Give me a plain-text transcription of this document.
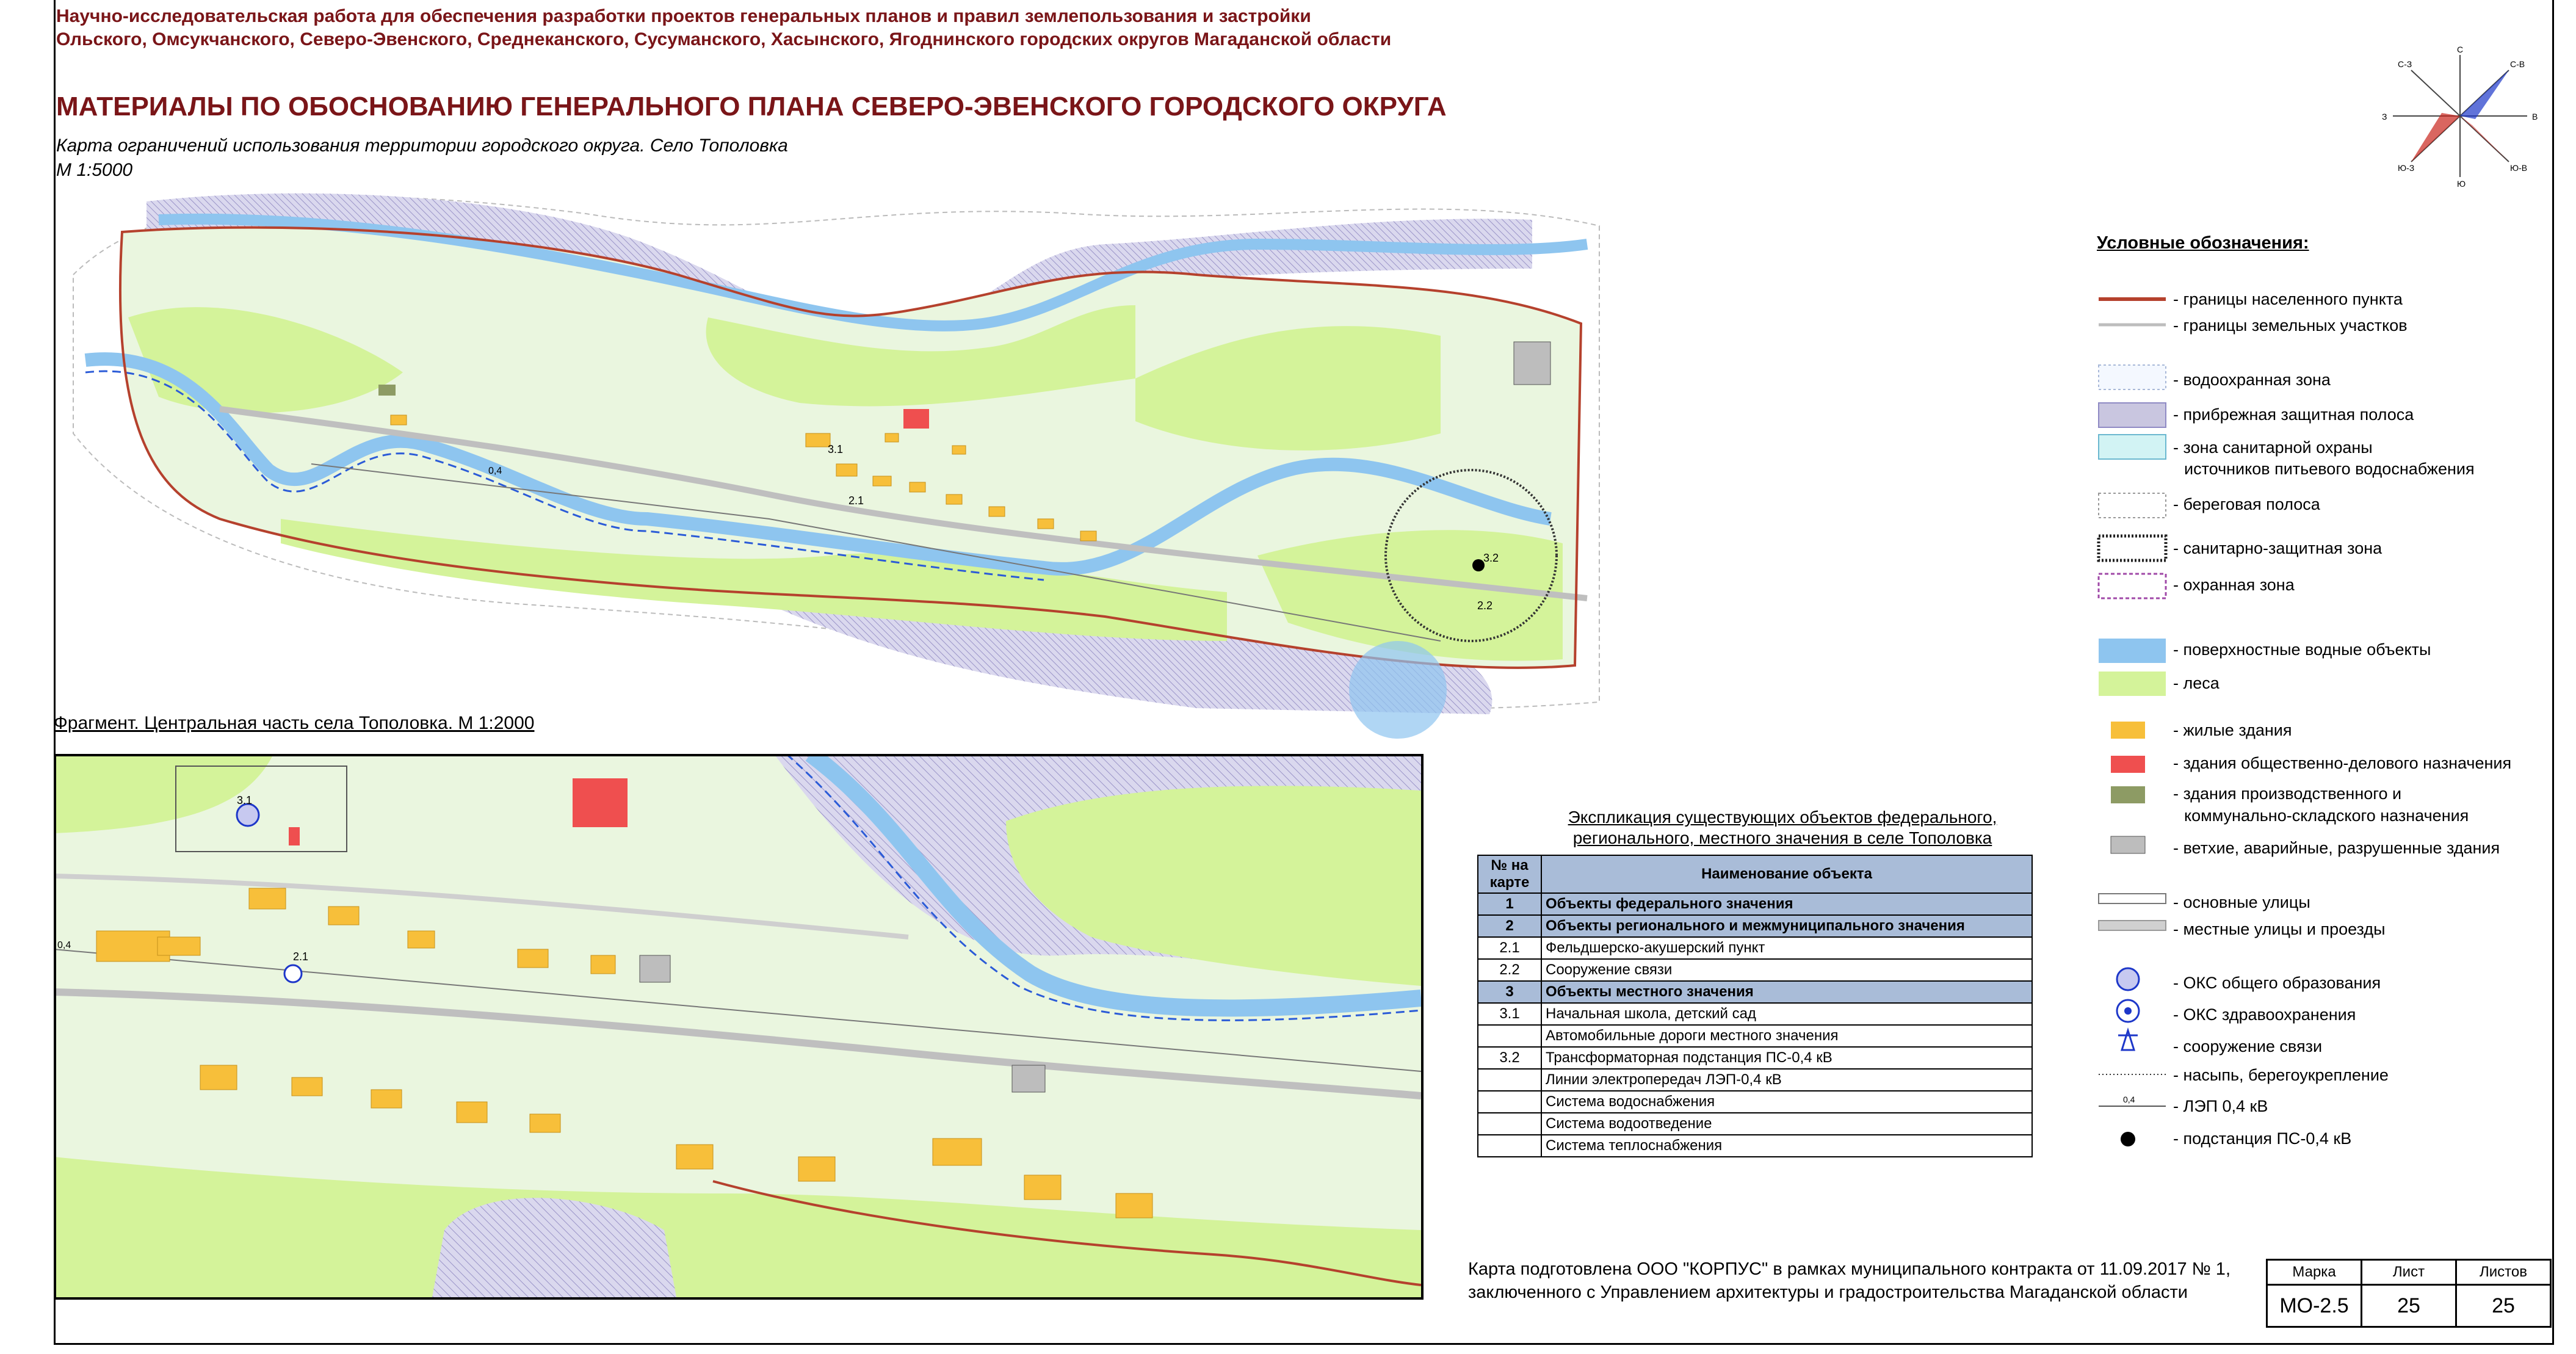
Научно-исследовательская работа для обеспечения разработки проектов генеральных планов и правил землепользования и застройки
Ольского, Омсукчанского, Северо-Эвенского, Среднеканского, Сусуманского, Хасынского, Ягоднинского городских округов Магаданской области
МАТЕРИАЛЫ ПО ОБОСНОВАНИЮ ГЕНЕРАЛЬНОГО ПЛАНА СЕВЕРО-ЭВЕНСКОГО ГОРОДСКОГО ОКРУГА
Карта ограничений использования территории городского округа. Село Тополовка
М 1:5000
С
Ю
В
З
С-З	С-В
Ю-З	Ю-В
3.1
2.1
2.2
3.2
0,4
Фрагмент. Центральная часть села Тополовка. М 1:2000
3.1
2.1
0,4
Условные обозначения:
0,4
- границы населенного пункта
- границы земельных участков
- водоохранная зона
- прибрежная защитная полоса
- зона санитарной охраны
источников питьевого водоснабжения
- береговая полоса
- санитарно-защитная зона
- охранная зона
- поверхностные водные объекты
- леса
- жилые здания
- здания общественно-делового назначения
- здания производственного и
коммунально-складского назначения
- ветхие, аварийные, разрушенные здания
- основные улицы
- местные улицы и проезды
- ОКС общего образования
- ОКС здравоохранения
- сооружение связи
- насыпь, берегоукрепление
- ЛЭП 0,4 кВ
- подстанция ПС-0,4 кВ
Экспликация существующих объектов федерального,
регионального, местного значения в селе Тополовка
№ на карте	Наименование объекта
1	Объекты федерального значения
2	Объекты регионального и межмуниципального значения
2.1	Фельдшерско-акушерский пункт
2.2	Сооружение связи
3	Объекты местного значения
3.1	Начальная школа, детский сад
	Автомобильные дороги местного значения
3.2	Трансформаторная подстанция ПС-0,4 кВ
	Линии электропередач ЛЭП-0,4 кВ
	Система водоснабжения
	Система водоотведение
	Система теплоснабжения
Карта подготовлена ООО "КОРПУС" в рамках муниципального контракта от 11.09.2017 № 1,
заключенного с Управлением архитектуры и градостроительства Магаданской области
Марка	Лист	Листов
МО-2.5	25	25
